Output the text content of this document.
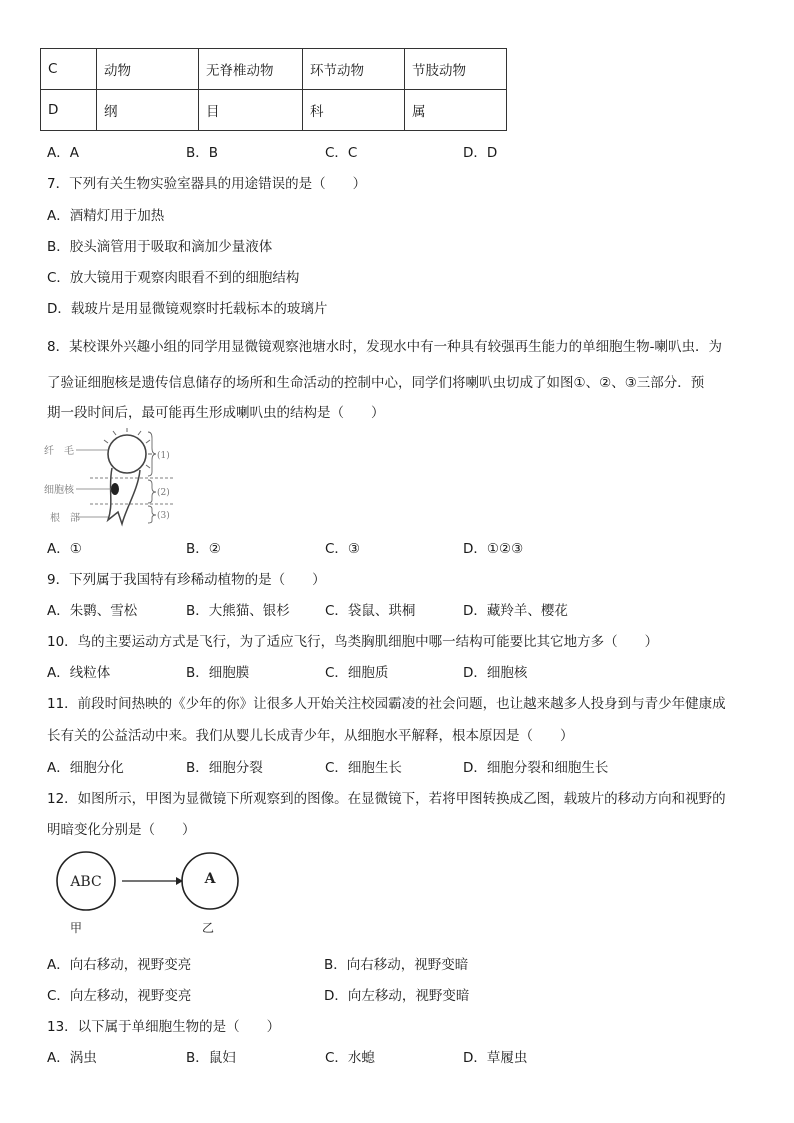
C	动物	无脊椎动物	环节动物	节肢动物
D	纲	目	科	属
A．A	B．B	C．C	D．D
7．下列有关生物实验室器具的用途错误的是（　　）
A．酒精灯用于加热
B．胶头滴管用于吸取和滴加少量液体
C．放大镜用于观察肉眼看不到的细胞结构
D．载玻片是用显微镜观察时托载标本的玻璃片
8．某校课外兴趣小组的同学用显微镜观察池塘水时，发现水中有一种具有较强再生能力的单细胞生物-喇叭虫．为
了验证细胞核是遗传信息储存的场所和生命活动的控制中心，同学们将喇叭虫切成了如图①、②、③三部分．预
期一段时间后，最可能再生形成喇叭虫的结构是（　　）
纤　毛
细胞核
根　部
(1)
(2)
(3)
A．①	B．②	C．③	D．①②③
9．下列属于我国特有珍稀动植物的是（　　）
A．朱鹮、雪松	B．大熊猫、银杉	C．袋鼠、珙桐	D．藏羚羊、樱花
10．鸟的主要运动方式是飞行，为了适应飞行，鸟类胸肌细胞中哪一结构可能要比其它地方多（　　）
A．线粒体	B．细胞膜	C．细胞质	D．细胞核
11．前段时间热映的《少年的你》让很多人开始关注校园霸凌的社会问题，也让越来越多人投身到与青少年健康成
长有关的公益活动中来。我们从婴儿长成青少年，从细胞水平解释，根本原因是（　　）
A．细胞分化	B．细胞分裂	C．细胞生长	D．细胞分裂和细胞生长
12．如图所示，甲图为显微镜下所观察到的图像。在显微镜下，若将甲图转换成乙图，载玻片的移动方向和视野的
明暗变化分别是（　　）
ABC	A
甲	乙
A．向右移动，视野变亮	B．向右移动，视野变暗
C．向左移动，视野变亮	D．向左移动，视野变暗
13．以下属于单细胞生物的是（　　）
A．涡虫	B．鼠妇	C．水螅	D．草履虫
